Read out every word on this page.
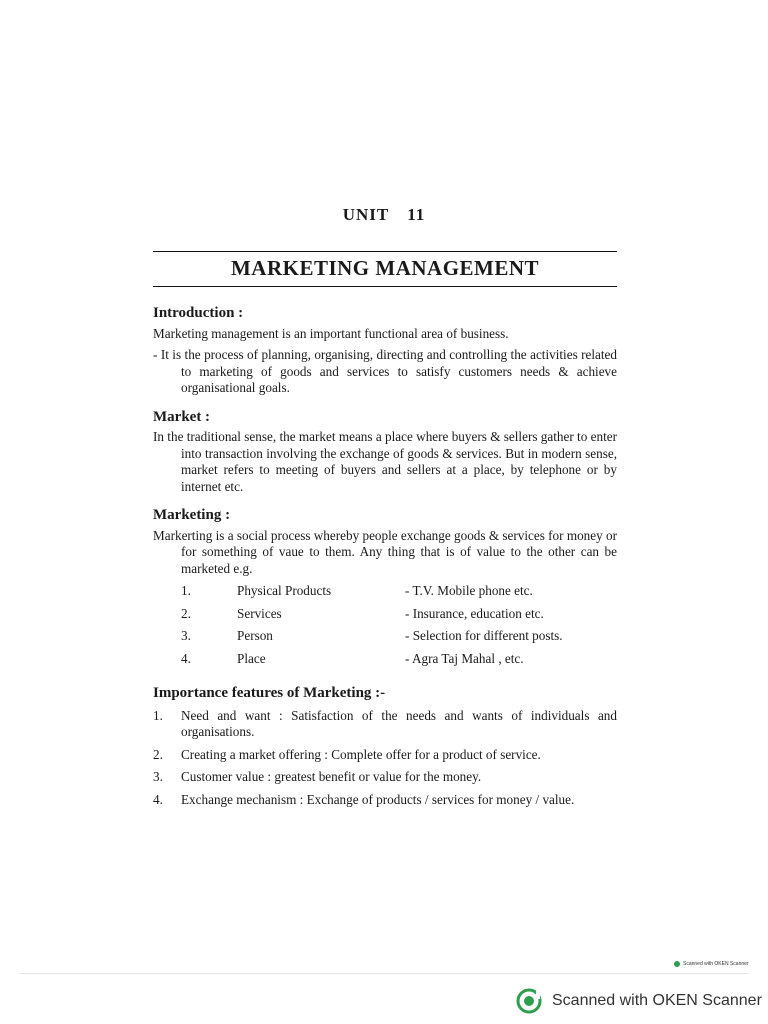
UNIT 11
MARKETING MANAGEMENT
Introduction :

Marketing management is an important functional area of business.

- It is the process of planning, organising, directing and controlling the activities related to marketing of goods and services to satisfy customers needs & achieve organisational goals.

Market :

In the traditional sense, the market means a place where buyers & sellers gather to enter into transaction involving the exchange of goods & services. But in modern sense, market refers to meeting of buyers and sellers at a place, by telephone or by internet etc.

Marketing :

Markerting is a social process whereby people exchange goods & services for money or for something of vaue to them. Any thing that is of value to the other can be marketed e.g.

1.	Physical Products	- T.V. Mobile phone etc.
2.	Services	- Insurance, education etc.
3.	Person	- Selection for different posts.
4.	Place	- Agra Taj Mahal , etc.
Importance features of Marketing :-
1.	Need and want : Satisfaction of the needs and wants of individuals and organisations.
2.	Creating a market offering : Complete offer for a product of service.
3.	Customer value : greatest benefit or value for the money.
4.	Exchange mechanism : Exchange of products / services for money / value.
Scanned with OKEN Scanner
Scanned with OKEN Scanner
